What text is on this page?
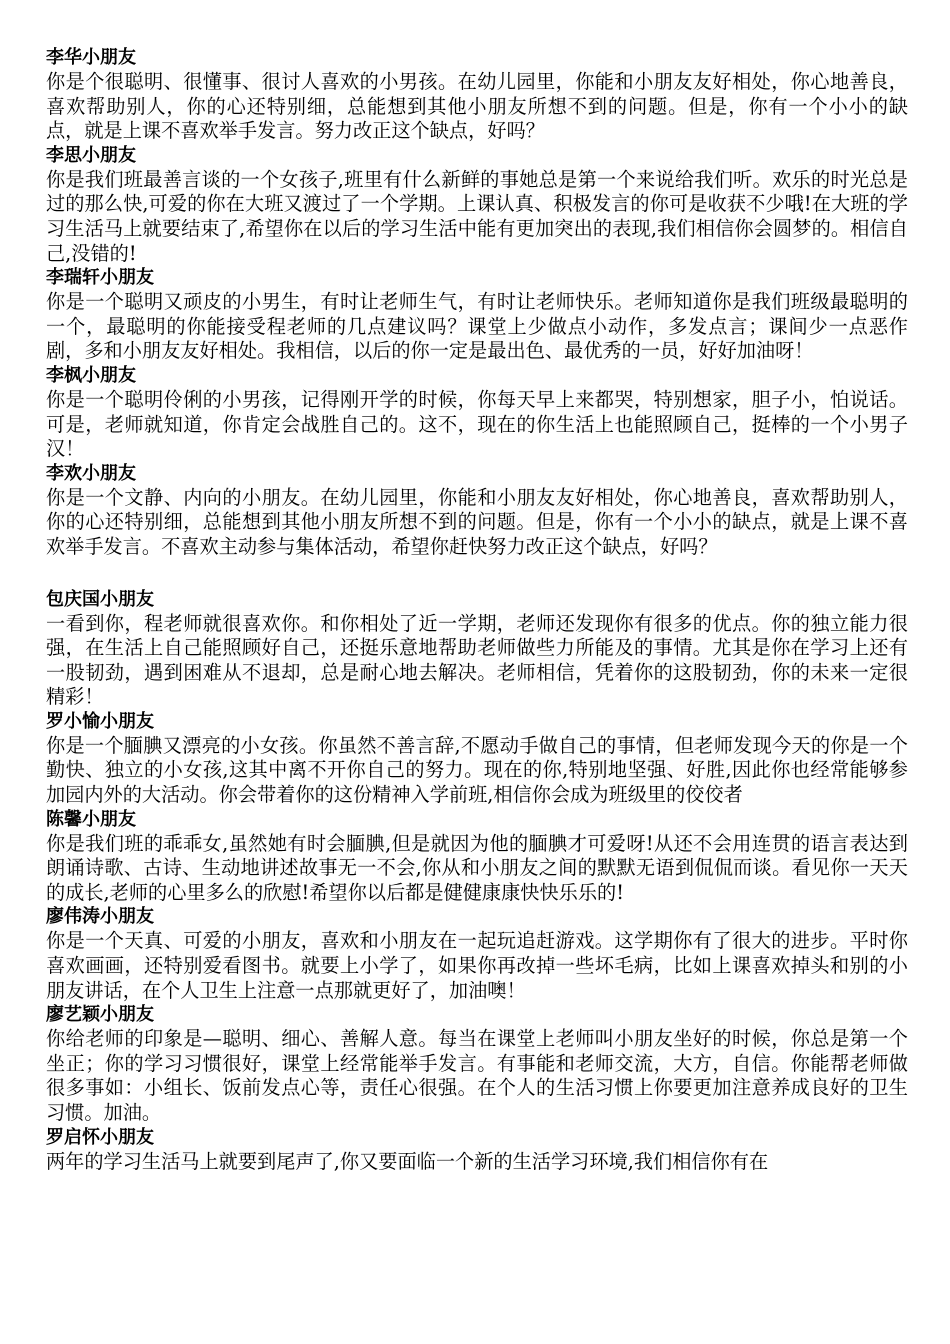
李华小朋友

你是个很聪明、很懂事、很讨人喜欢的小男孩。在幼儿园里，你能和小朋友友好相处，你心地善良，喜欢帮助别人，你的心还特别细，总能想到其他小朋友所想不到的问题。但是，你有一个小小的缺点，就是上课不喜欢举手发言。努力改正这个缺点，好吗？

李思小朋友

你是我们班最善言谈的一个女孩子,班里有什么新鲜的事她总是第一个来说给我们听。欢乐的时光总是过的那么快,可爱的你在大班又渡过了一个学期。上课认真、积极发言的你可是收获不少哦!在大班的学习生活马上就要结束了,希望你在以后的学习生活中能有更加突出的表现,我们相信你会圆梦的。相信自己,没错的!

李瑞轩小朋友

你是一个聪明又顽皮的小男生，有时让老师生气，有时让老师快乐。老师知道你是我们班级最聪明的一个，最聪明的你能接受程老师的几点建议吗？课堂上少做点小动作，多发点言；课间少一点恶作剧，多和小朋友友好相处。我相信，以后的你一定是最出色、最优秀的一员，好好加油呀！

李枫小朋友

你是一个聪明伶俐的小男孩，记得刚开学的时候，你每天早上来都哭，特别想家，胆子小，怕说话。可是，老师就知道，你肯定会战胜自己的。这不，现在的你生活上也能照顾自己，挺棒的一个小男子汉！

李欢小朋友

你是一个文静、内向的小朋友。在幼儿园里，你能和小朋友友好相处，你心地善良，喜欢帮助别人，你的心还特别细，总能想到其他小朋友所想不到的问题。但是，你有一个小小的缺点，就是上课不喜欢举手发言。不喜欢主动参与集体活动，希望你赶快努力改正这个缺点，好吗？

包庆国小朋友

一看到你，程老师就很喜欢你。和你相处了近一学期，老师还发现你有很多的优点。你的独立能力很强，在生活上自己能照顾好自己，还挺乐意地帮助老师做些力所能及的事情。尤其是你在学习上还有一股韧劲，遇到困难从不退却，总是耐心地去解决。老师相信，凭着你的这股韧劲，你的未来一定很精彩！

罗小愉小朋友

你是一个腼腆又漂亮的小女孩。你虽然不善言辞,不愿动手做自己的事情，但老师发现今天的你是一个勤快、独立的小女孩,这其中离不开你自己的努力。现在的你,特别地坚强、好胜,因此你也经常能够参加园内外的大活动。你会带着你的这份精神入学前班,相信你会成为班级里的佼佼者

陈馨小朋友

你是我们班的乖乖女,虽然她有时会腼腆,但是就因为他的腼腆才可爱呀!从还不会用连贯的语言表达到朗诵诗歌、古诗、生动地讲述故事无一不会,你从和小朋友之间的默默无语到侃侃而谈。看见你一天天的成长,老师的心里多么的欣慰!希望你以后都是健健康康快快乐乐的!

廖伟涛小朋友

你是一个天真、可爱的小朋友，喜欢和小朋友在一起玩追赶游戏。这学期你有了很大的进步。平时你喜欢画画，还特别爱看图书。就要上小学了，如果你再改掉一些坏毛病，比如上课喜欢掉头和别的小朋友讲话，在个人卫生上注意一点那就更好了，加油噢！

廖艺颖小朋友

你给老师的印象是—聪明、细心、善解人意。每当在课堂上老师叫小朋友坐好的时候，你总是第一个坐正；你的学习习惯很好，课堂上经常能举手发言。有事能和老师交流，大方，自信。你能帮老师做很多事如：小组长、饭前发点心等，责任心很强。在个人的生活习惯上你要更加注意养成良好的卫生习惯。加油。

罗启怀小朋友

两年的学习生活马上就要到尾声了,你又要面临一个新的生活学习环境,我们相信你有在
